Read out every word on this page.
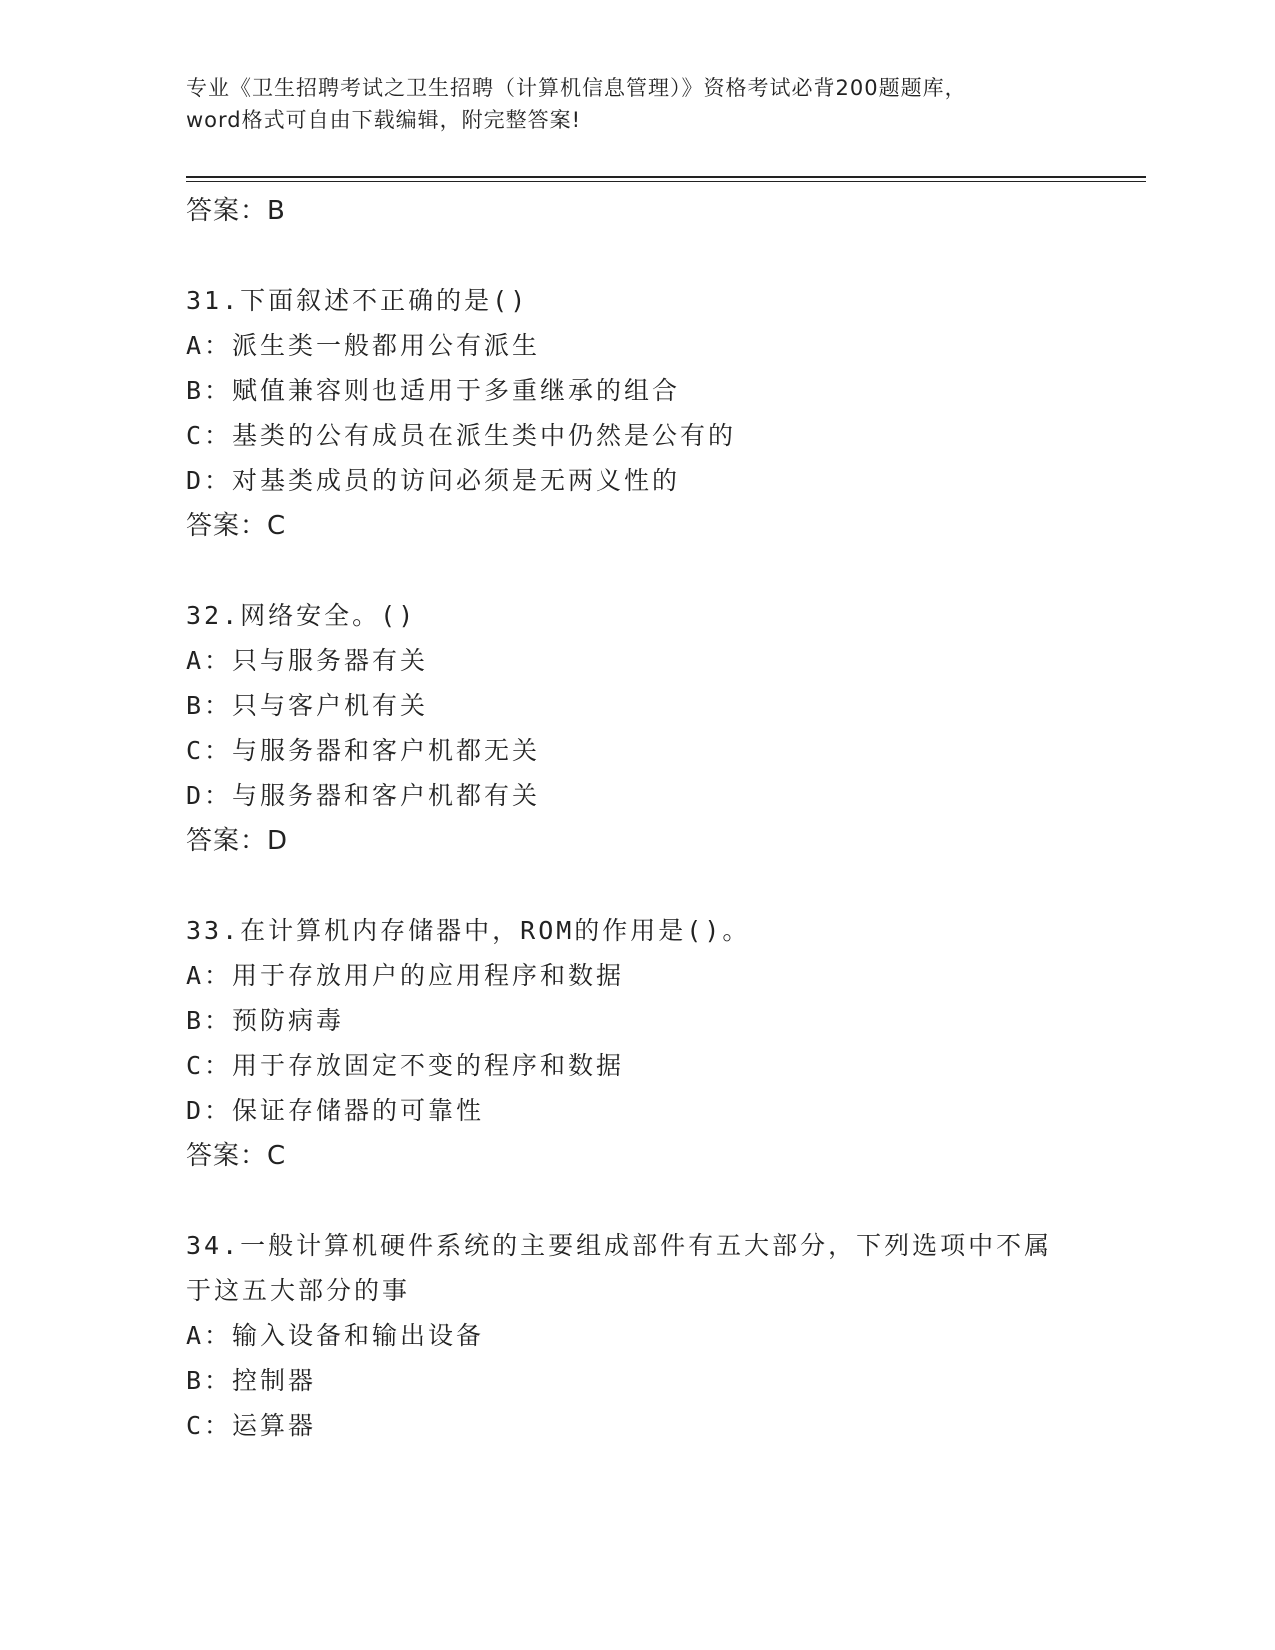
专业《卫生招聘考试之卫生招聘（计算机信息管理）》资格考试必背200题题库，
word格式可自由下载编辑，附完整答案!
答案：B
31.下面叙述不正确的是()
A：派生类一般都用公有派生
B：赋值兼容则也适用于多重继承的组合
C：基类的公有成员在派生类中仍然是公有的
D：对基类成员的访问必须是无两义性的
答案：C
32.网络安全。()
A：只与服务器有关
B：只与客户机有关
C：与服务器和客户机都无关
D：与服务器和客户机都有关
答案：D
33.在计算机内存储器中，ROM的作用是()。
A：用于存放用户的应用程序和数据
B：预防病毒
C：用于存放固定不变的程序和数据
D：保证存储器的可靠性
答案：C
34.一般计算机硬件系统的主要组成部件有五大部分，下列选项中不属
于这五大部分的事
A：输入设备和输出设备
B：控制器
C：运算器
